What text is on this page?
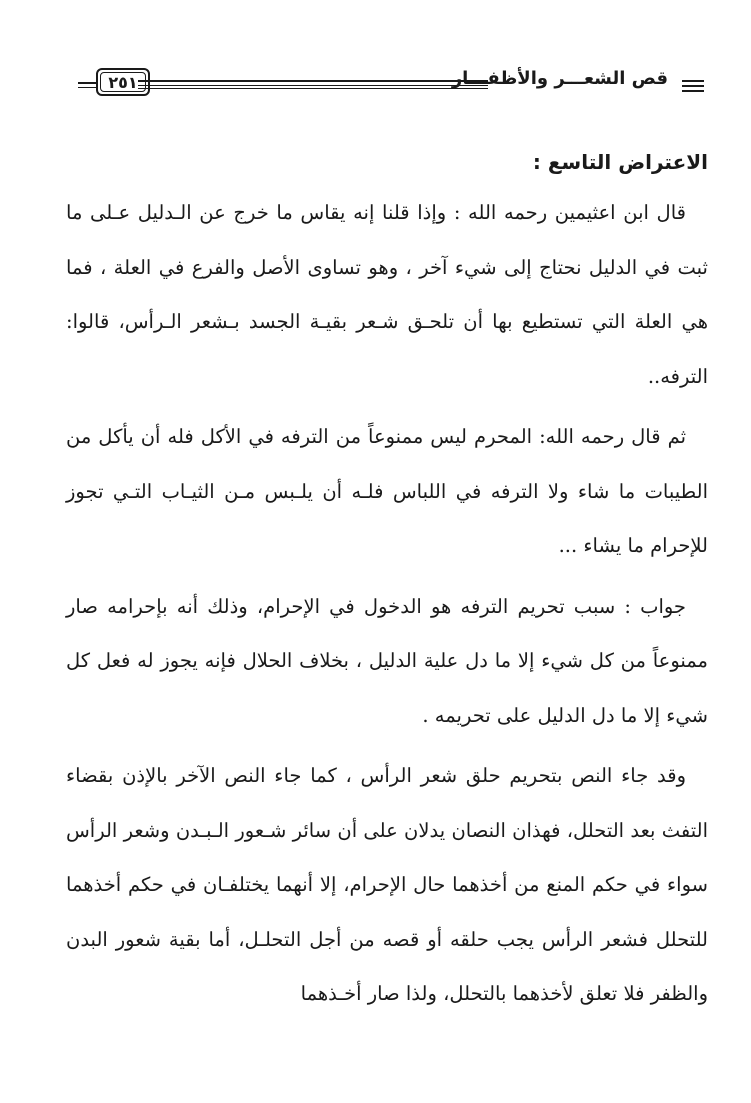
٢٥١	قص الشعـــر والأظفـــار
الاعتراض التاسع :

قال ابن اعثيمين رحمه الله : وإذا قلنا إنه يقاس ما خرج عن الـدليل عـلى ما ثبت في الدليل نحتاج إلى شيء آخر ، وهو تساوى الأصل والفرع في العلة ، فما هي العلة التي تستطيع بها أن تلحـق شـعر بقيـة الجسد بـشعر الـرأس، قالوا: الترفه..

ثم قال رحمه الله: المحرم ليس ممنوعاً من الترفه في الأكل فله أن يأكل من الطيبات ما شاء ولا الترفه في اللباس فلـه أن يلـبس مـن الثيـاب التـي تجوز للإحرام ما يشاء ...

جواب : سبب تحريم الترفه هو الدخول في الإحرام، وذلك أنه بإحرامه صار ممنوعاً من كل شيء إلا ما دل علية الدليل ، بخلاف الحلال فإنه يجوز له فعل كل شيء إلا ما دل الدليل على تحريمه .

وقد جاء النص بتحريم حلق شعر الرأس ، كما جاء النص الآخر بالإذن بقضاء التفث بعد التحلل، فهذان النصان يدلان على أن سائر شـعور الـبـدن وشعر الرأس سواء في حكم المنع من أخذهما حال الإحرام، إلا أنهما يختلفـان في حكم أخذهما للتحلل فشعر الرأس يجب حلقه أو قصه من أجل التحلـل، أما بقية شعور البدن والظفر فلا تعلق لأخذهما بالتحلل، ولذا صار أخـذهما
